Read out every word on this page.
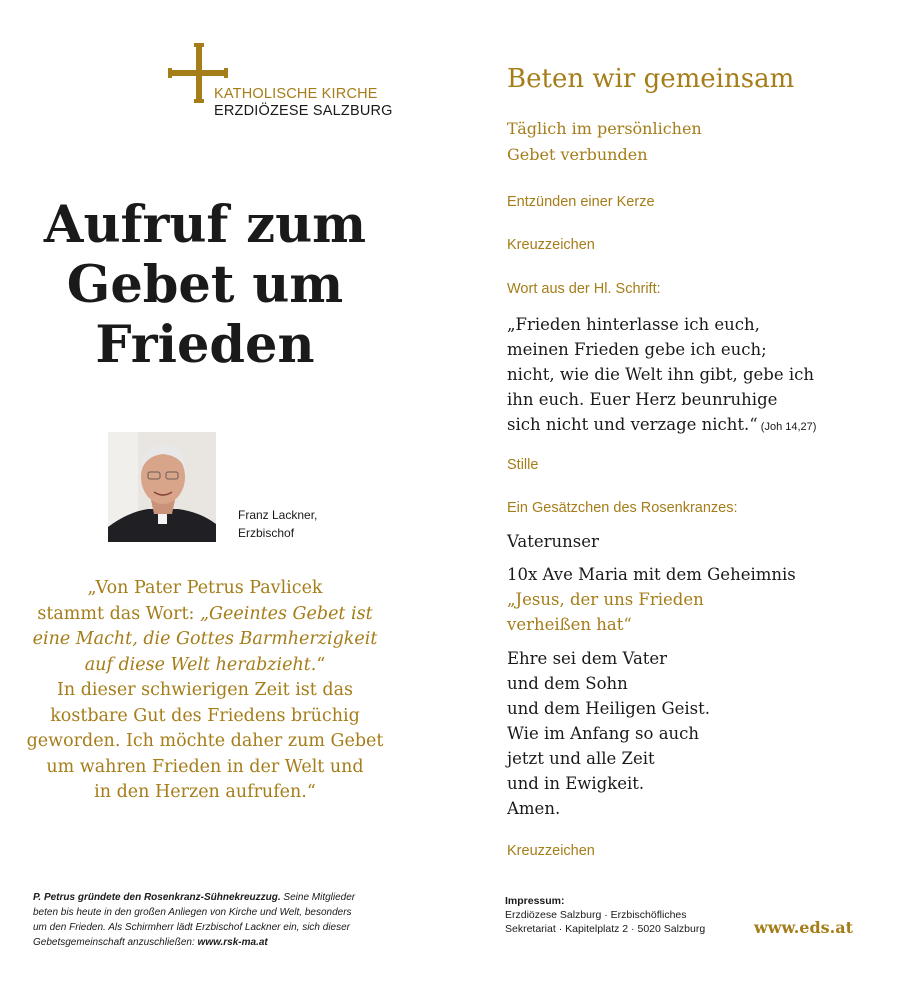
KATHOLISCHE KIRCHE
ERZDIÖZESE SALZBURG
Aufruf zum
Gebet um
Frieden
Franz Lackner,
Erzbischof
„Von Pater Petrus Pavlicek
stammt das Wort: „Geeintes Gebet ist
eine Macht, die Gottes Barmherzigkeit
auf diese Welt herabzieht.“
In dieser schwierigen Zeit ist das
kostbare Gut des Friedens brüchig
geworden. Ich möchte daher zum Gebet
um wahren Frieden in der Welt und
in den Herzen aufrufen.“
P. Petrus gründete den Rosenkranz-Sühnekreuzzug. Seine Mitglieder beten bis heute in den großen Anliegen von Kirche und Welt, besonders um den Frieden. Als Schirmherr lädt Erzbischof Lackner ein, sich dieser Gebetsgemeinschaft anzuschließen: www.rsk-ma.at
Beten wir gemeinsam
Täglich im persönlichen
Gebet verbunden
Entzünden einer Kerze
Kreuzzeichen
Wort aus der Hl. Schrift:
„Frieden hinterlasse ich euch,
meinen Frieden gebe ich euch;
nicht, wie die Welt ihn gibt, gebe ich
ihn euch. Euer Herz beunruhige
sich nicht und verzage nicht.“ (Joh 14,27)
Stille
Ein Gesätzchen des Rosenkranzes:
Vaterunser
10x Ave Maria mit dem Geheimnis
„Jesus, der uns Frieden
verheißen hat“
Ehre sei dem Vater
und dem Sohn
und dem Heiligen Geist.
Wie im Anfang so auch
jetzt und alle Zeit
und in Ewigkeit.
Amen.
Kreuzzeichen
Impressum:
Erzdiözese Salzburg · Erzbischöfliches
Sekretariat · Kapitelplatz 2 · 5020 Salzburg	www.eds.at
